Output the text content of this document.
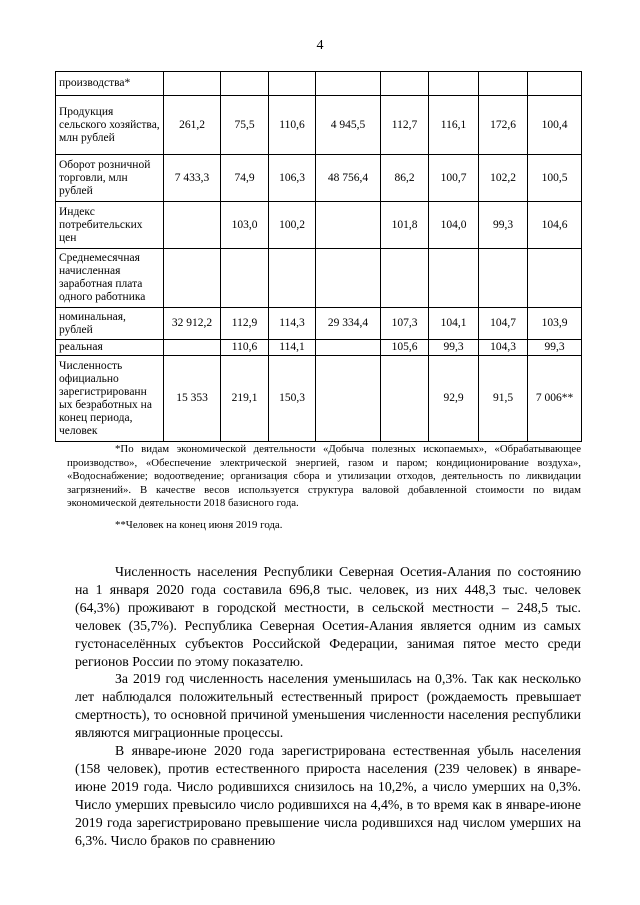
4
производства*								
Продукция сельского хозяйства, млн рублей	261,2	75,5	110,6	4 945,5	112,7	116,1	172,6	100,4
Оборот розничной торговли, млн рублей	7 433,3	74,9	106,3	48 756,4	86,2	100,7	102,2	100,5
Индекс потребительских цен		103,0	100,2		101,8	104,0	99,3	104,6
Среднемесячная начисленная заработная плата одного работника								
номинальная, рублей	32 912,2	112,9	114,3	29 334,4	107,3	104,1	104,7	103,9
реальная		110,6	114,1		105,6	99,3	104,3	99,3
Численность официально зарегистрированн ых безработных на конец периода, человек	15 353	219,1	150,3			92,9	91,5	7 006**

*По видам экономической деятельности «Добыча полезных ископаемых», «Обрабатывающее производство», «Обеспечение электрической энергией, газом и паром; кондиционирование воздуха», «Водоснабжение; водоотведение; организация сбора и утилизации отходов, деятельность по ликвидации загрязнений». В качестве весов используется структура валовой добавленной стоимости по видам экономической деятельности 2018 базисного года.

**Человек на конец июня 2019 года.

Численность населения Республики Северная Осетия-Алания по состоянию на 1 января 2020 года составила 696,8 тыс. человек, из них 448,3 тыс. человек (64,3%) проживают в городской местности, в сельской местности – 248,5 тыс. человек (35,7%). Республика Северная Осетия-Алания является одним из самых густонаселённых субъектов Российской Федерации, занимая пятое место среди регионов России по этому показателю.

За 2019 год численность населения уменьшилась на 0,3%. Так как несколько лет наблюдался положительный естественный прирост (рождаемость превышает смертность), то основной причиной уменьшения численности населения республики являются миграционные процессы.

В январе-июне 2020 года зарегистрирована естественная убыль населения (158 человек), против естественного прироста населения (239 человек) в январе-июне 2019 года. Число родившихся снизилось на 10,2%, а число умерших на 0,3%. Число умерших превысило число родившихся на 4,4%, в то время как в январе-июне 2019 года зарегистрировано превышение числа родившихся над числом умерших на 6,3%. Число браков по сравнению
